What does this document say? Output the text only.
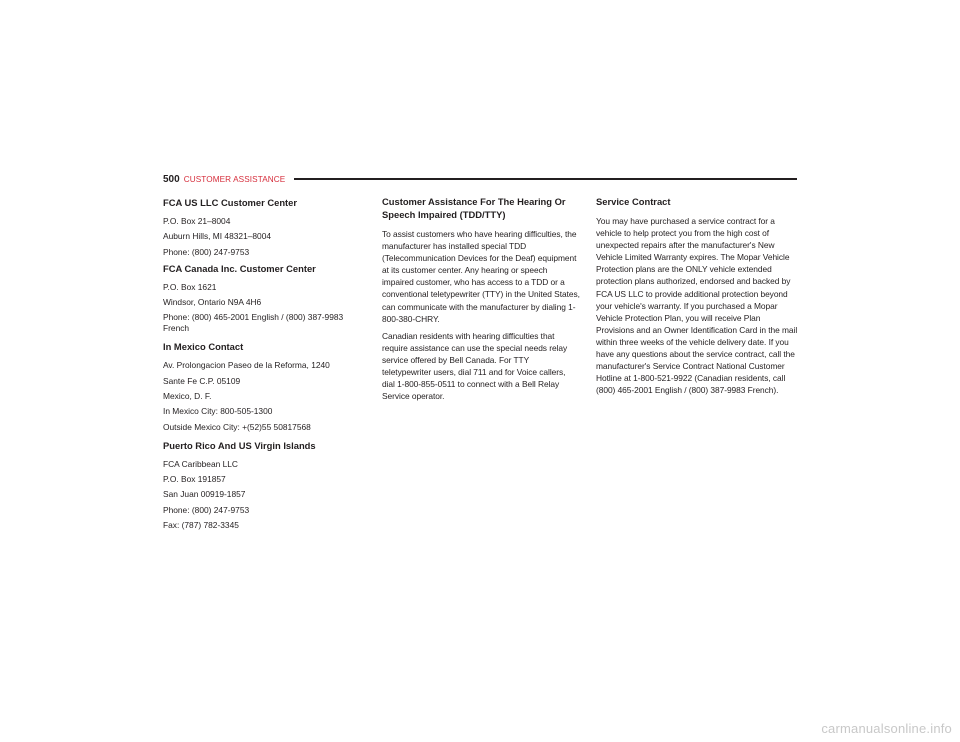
500 CUSTOMER ASSISTANCE
FCA US LLC Customer Center

P.O. Box 21–8004

Auburn Hills, MI 48321–8004

Phone: (800) 247-9753

FCA Canada Inc. Customer Center

P.O. Box 1621

Windsor, Ontario N9A 4H6

Phone: (800) 465-2001 English / (800) 387-9983 French

In Mexico Contact

Av. Prolongacion Paseo de la Reforma, 1240

Sante Fe C.P. 05109

Mexico, D. F.

In Mexico City: 800-505-1300

Outside Mexico City: +(52)55 50817568

Puerto Rico And US Virgin Islands

FCA Caribbean LLC

P.O. Box 191857

San Juan 00919-1857

Phone: (800) 247-9753

Fax: (787) 782-3345

Customer Assistance For The Hearing Or Speech Impaired (TDD/TTY)

To assist customers who have hearing difficulties, the manufacturer has installed special TDD (Telecommunication Devices for the Deaf) equipment at its customer center. Any hearing or speech impaired customer, who has access to a TDD or a conventional teletypewriter (TTY) in the United States, can communicate with the manufacturer by dialing 1-800-380-CHRY.

Canadian residents with hearing difficulties that require assistance can use the special needs relay service offered by Bell Canada. For TTY teletypewriter users, dial 711 and for Voice callers, dial 1-800-855-0511 to connect with a Bell Relay Service operator.

Service Contract

You may have purchased a service contract for a vehicle to help protect you from the high cost of unexpected repairs after the manufacturer's New Vehicle Limited Warranty expires. The Mopar Vehicle Protection plans are the ONLY vehicle extended protection plans authorized, endorsed and backed by FCA US LLC to provide additional protection beyond your vehicle's warranty. If you purchased a Mopar Vehicle Protection Plan, you will receive Plan Provisions and an Owner Identification Card in the mail within three weeks of the vehicle delivery date. If you have any questions about the service contract, call the manufacturer's Service Contract National Customer Hotline at 1-800-521-9922 (Canadian residents, call (800) 465-2001 English / (800) 387-9983 French).

carmanualsonline.info
